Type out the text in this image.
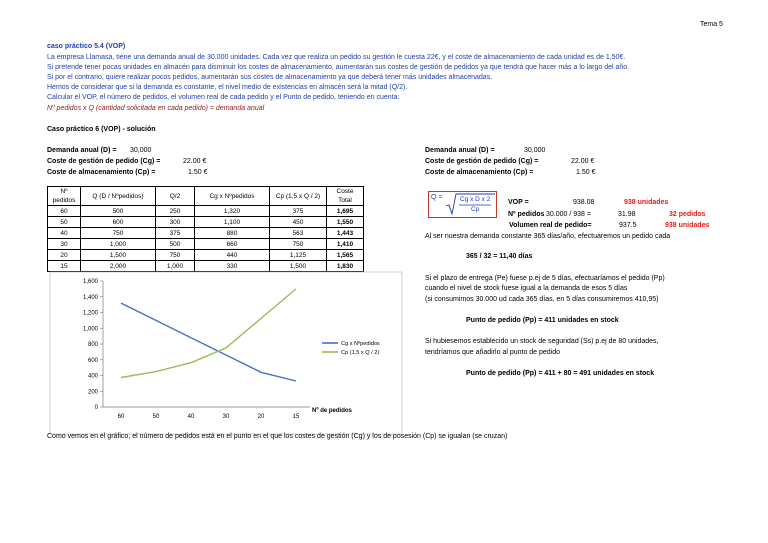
Tema 5
caso práctico 5.4 (VOP)
La empresa Llamasa, tiene una demanda anual de 30.000 unidades. Cada vez que realiza un pedido su gestión le cuesta 22€, y el coste de almacenamiento de cada unidad es de 1,50€.
Si pretende tener pocas unidades en almacén para disminuir los costes de almacenamiento, aumentarán sus costes de gestión de pedidos ya que tendrá que hacer más a lo largo del año.
Si por el contrario, quiere realizar pocos pedidos, aumentarán sus costes de almacenamiento ya que deberá tener más unidades almacenadas.
Hemos de considerar que si la demanda es constante, el nivel medio de existencias en almacén será la mitad (Q/2).
Calcular el VOP, el número de pedidos, el volumen real de cada pedido y el Punto de pedido, teniendo en cuenta:
Nº pedidos x Q (cantidad solicitada en cada pedido) = demanda anual
Caso práctico 6 (VOP) - solución
Demanda anual (D) = 30,000
Coste de gestión de pedido (Cg) =	22.00 €
Coste de almacenamiento (Cp) =	1.50 €
Demanda anual (D) =	30,000
Coste de gestión de pedido (Cg) =	22.00 €
Coste de almacenamiento (Cp) =	1.50 €
Nº pedidos	Q (D / Nºpedidos)	Q/2	Cg x Nºpedidos	Cp (1,5 x Q / 2)	Coste Total
60	500	250	1,320	375	1,695
50	600	300	1,100	450	1,550
40	750	375	880	563	1,443
30	1,000	500	660	750	1,410
20	1,500	750	440	1,125	1,565
15	2,000	1,000	330	1,500	1,830
Q =	Cg x D x 2
Cp
VOP =	938.08	938 unidades
Nº pedidos 30.000 / 938 =	31.98	32 pedidos
Volumen real de pedido=	937.5	938 unidades
Al ser nuestra demanda constante 365 días/año, efectuaremos un pedido cada
365 / 32 = 11,40 días
Si el plazo de entrega (Pe) fuese p.ej de 5 días, efectuaríamos el pedido (Pp)
cuando el nivel de stock fuese igual a la demanda de esos 5 días
(si consumimos 30.000 ud cada 365 días, en 5 días consumiremos 410,95)
Punto de pedido (Pp) = 411 unidades en stock
Si hubiesemos establecido un stock de seguridad (Ss) p.ej de 80 unidades,
tendríamos que añadirlo al punto de pedido
Punto de pedido (Pp) = 411 + 80 = 491 unidades en stock
0
200
400
600
800
1,000
1,200
1,400
1,600
60	50	40	30	20	15
Nº de pedidos
Cg x Nºpedidos
Cp (1,5 x Q / 2)
Como vemos en el gráfico, el número de pedidos está en el punto en el que los costes de gestión (Cg) y los de posesión (Cp) se igualan (se cruzan)
